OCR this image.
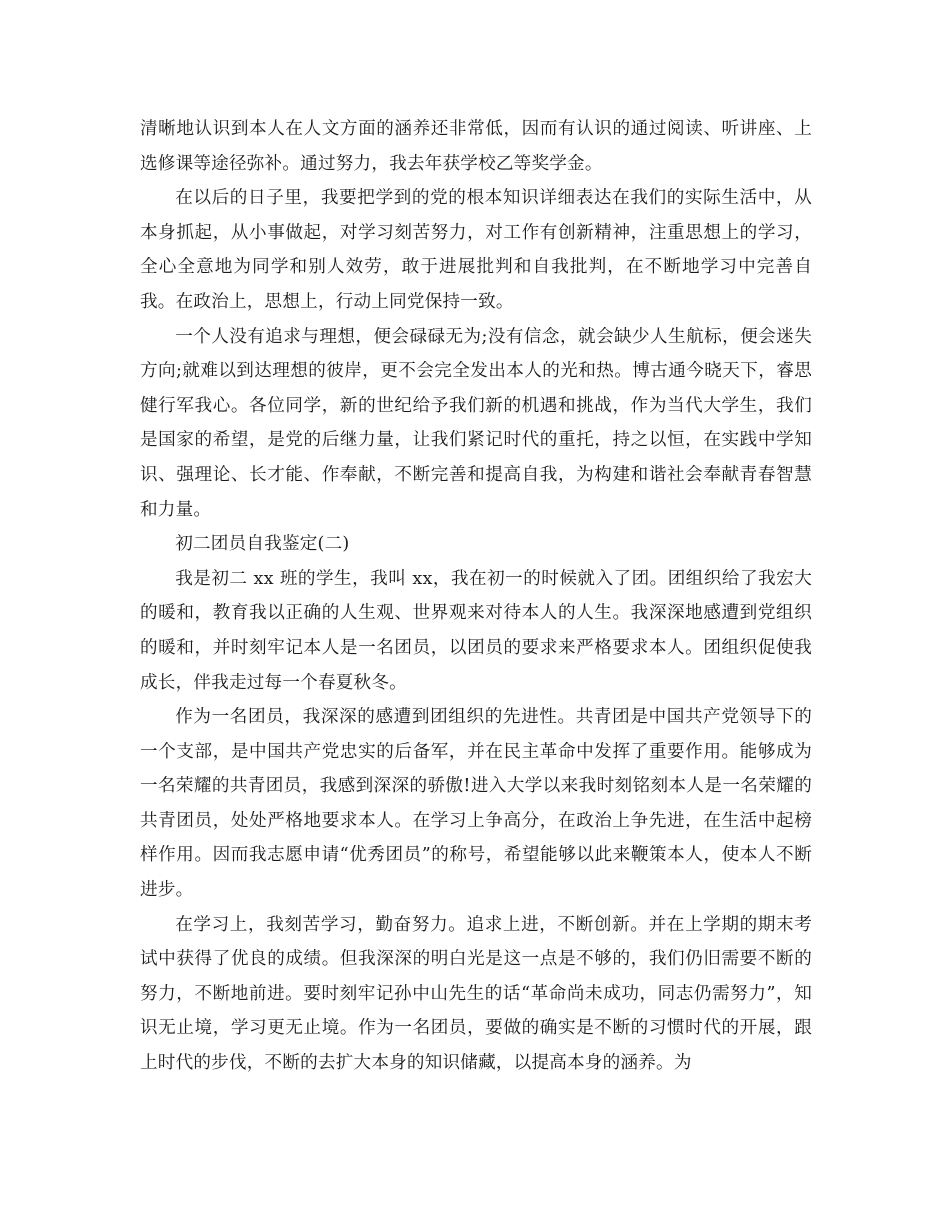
清晰地认识到本人在人文方面的涵养还非常低，因而有认识的通过阅读、听讲座、上选修课等途径弥补。通过努力，我去年获学校乙等奖学金。

在以后的日子里，我要把学到的党的根本知识详细表达在我们的实际生活中，从本身抓起，从小事做起，对学习刻苦努力，对工作有创新精神，注重思想上的学习，全心全意地为同学和别人效劳，敢于进展批判和自我批判，在不断地学习中完善自我。在政治上，思想上，行动上同党保持一致。

一个人没有追求与理想，便会碌碌无为;没有信念，就会缺少人生航标，便会迷失方向;就难以到达理想的彼岸，更不会完全发出本人的光和热。博古通今晓天下，睿思健行军我心。各位同学，新的世纪给予我们新的机遇和挑战，作为当代大学生，我们是国家的希望，是党的后继力量，让我们紧记时代的重托，持之以恒，在实践中学知识、强理论、长才能、作奉献，不断完善和提高自我，为构建和谐社会奉献青春智慧和力量。

初二团员自我鉴定(二)

我是初二 xx 班的学生，我叫 xx，我在初一的时候就入了团。团组织给了我宏大的暖和，教育我以正确的人生观、世界观来对待本人的人生。我深深地感遭到党组织的暖和，并时刻牢记本人是一名团员，以团员的要求来严格要求本人。团组织促使我成长，伴我走过每一个春夏秋冬。

作为一名团员，我深深的感遭到团组织的先进性。共青团是中国共产党领导下的一个支部，是中国共产党忠实的后备军，并在民主革命中发挥了重要作用。能够成为一名荣耀的共青团员，我感到深深的骄傲!进入大学以来我时刻铭刻本人是一名荣耀的共青团员，处处严格地要求本人。在学习上争高分，在政治上争先进，在生活中起榜样作用。因而我志愿申请“优秀团员”的称号，希望能够以此来鞭策本人，使本人不断进步。

在学习上，我刻苦学习，勤奋努力。追求上进，不断创新。并在上学期的期末考试中获得了优良的成绩。但我深深的明白光是这一点是不够的，我们仍旧需要不断的努力，不断地前进。要时刻牢记孙中山先生的话“革命尚未成功，同志仍需努力”，知识无止境，学习更无止境。作为一名团员，要做的确实是不断的习惯时代的开展，跟上时代的步伐，不断的去扩大本身的知识储藏，以提高本身的涵养。为
